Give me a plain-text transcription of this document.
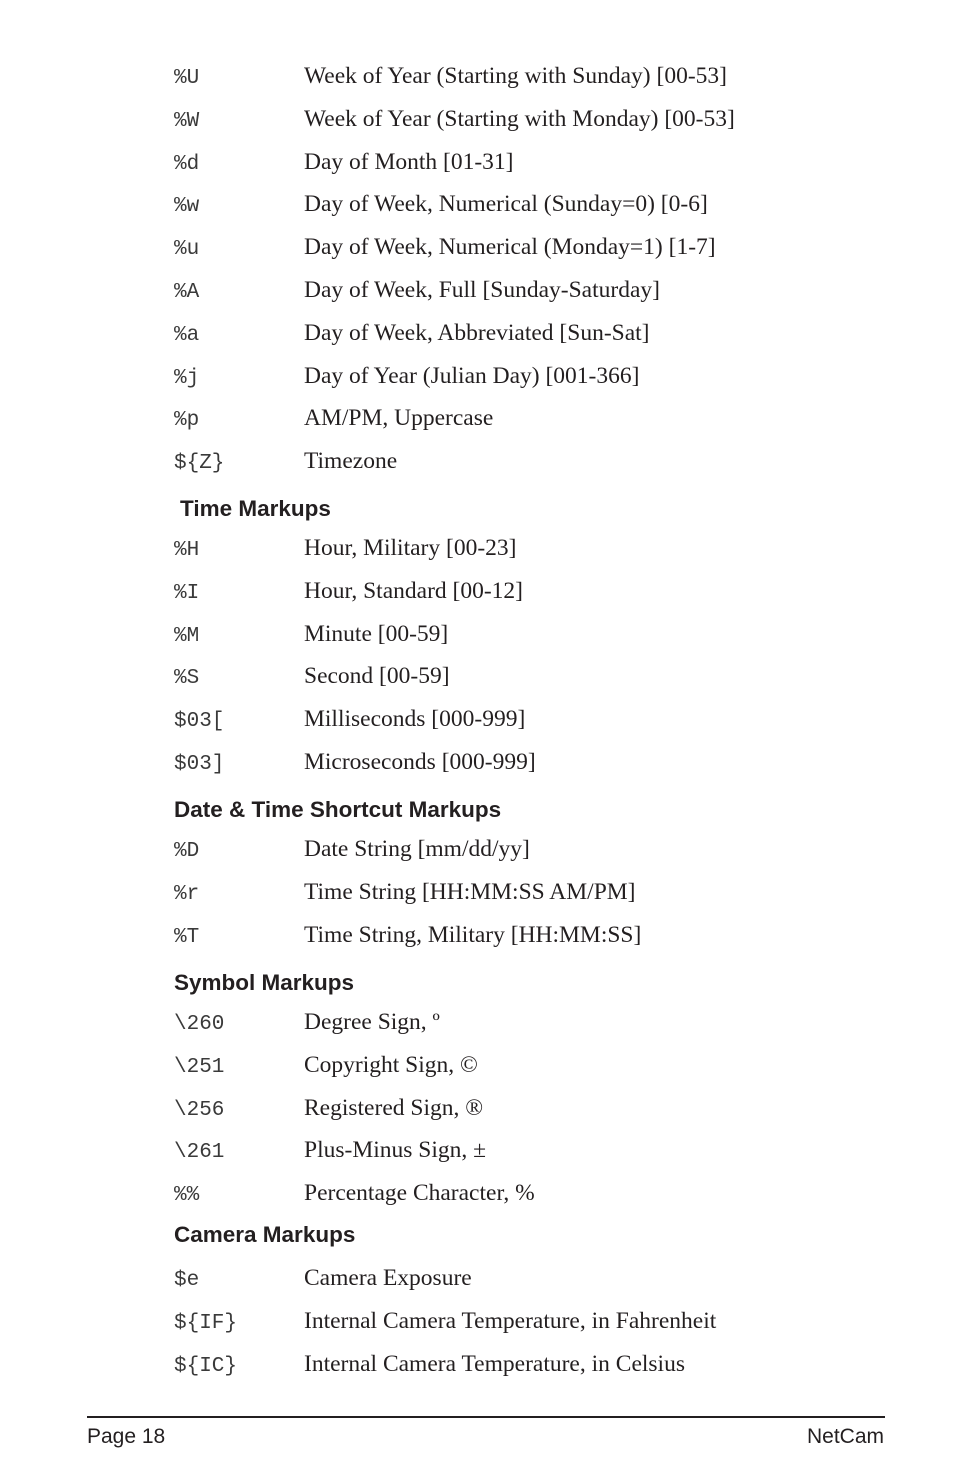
%U	Week of Year (Starting with Sunday) [00-53]
%W	Week of Year (Starting with Monday) [00-53]
%d	Day of Month [01-31]
%w	Day of Week, Numerical (Sunday=0) [0-6]
%u	Day of Week, Numerical (Monday=1) [1-7]
%A	Day of Week, Full [Sunday-Saturday]
%a	Day of Week, Abbreviated [Sun-Sat]
%j	Day of Year (Julian Day) [001-366]
%p	AM/PM, Uppercase
${Z}	Timezone
Time Markups
%H	Hour, Military [00-23]
%I	Hour, Standard [00-12]
%M	Minute [00-59]
%S	Second [00-59]
$03[	Milliseconds [000-999]
$03]	Microseconds [000-999]
Date & Time Shortcut Markups
%D	Date String [mm/dd/yy]
%r	Time String [HH:MM:SS AM/PM]
%T	Time String, Military [HH:MM:SS]
Symbol Markups
\260	Degree Sign, º
\251	Copyright Sign, ©
\256	Registered Sign, ®
\261	Plus-Minus Sign, ±
%%	Percentage Character, %
Camera Markups
$e	Camera Exposure
${IF}	Internal Camera Temperature, in Fahrenheit
${IC}	Internal Camera Temperature, in Celsius
Page 18	NetCam
